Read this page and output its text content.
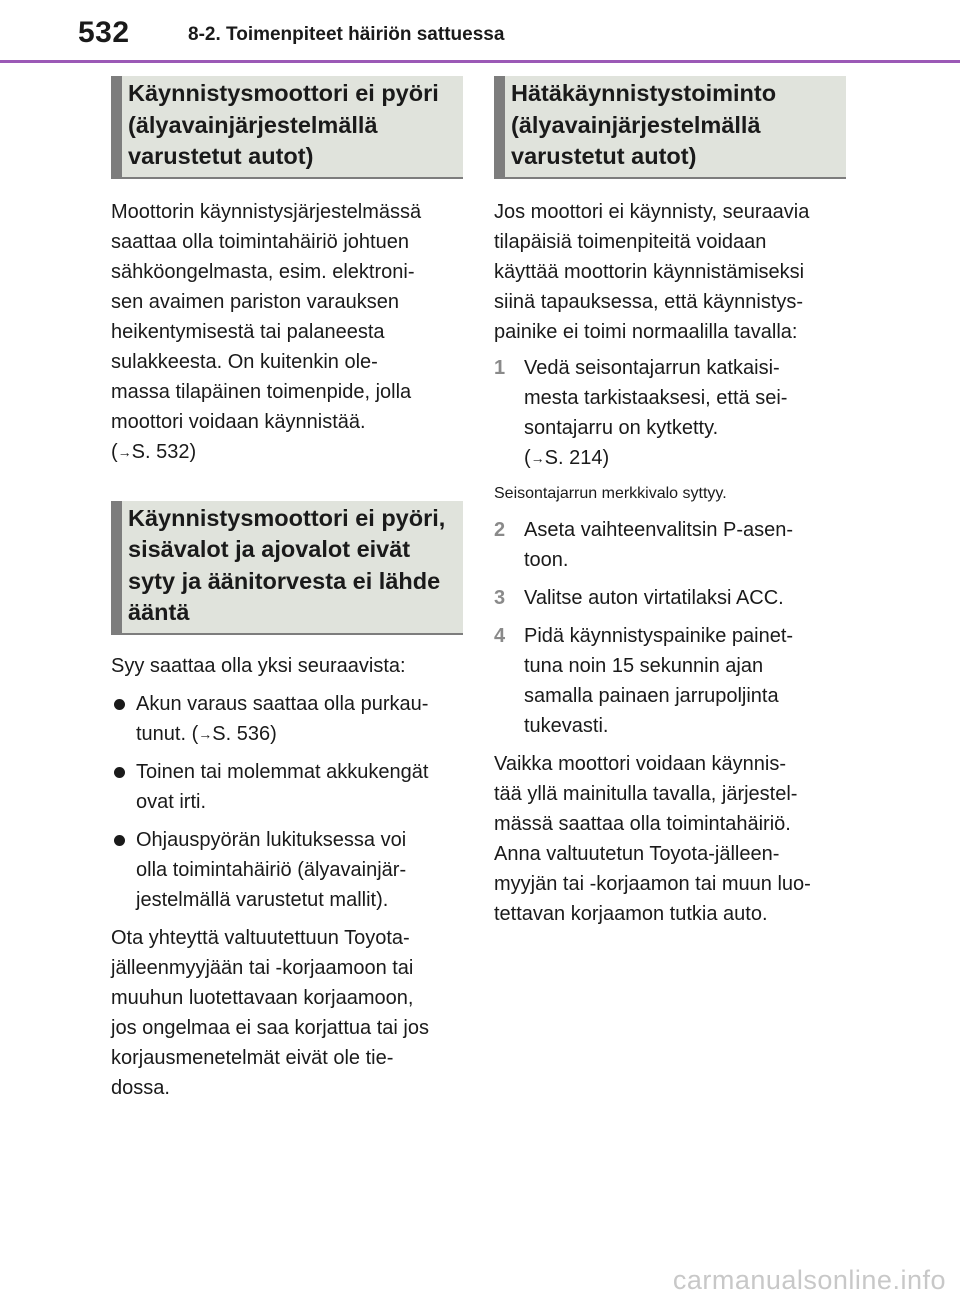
532	8-2. Toimenpiteet häiriön sattuessa
Käynnistysmoottori ei pyöri
(älyavainjärjestelmällä
varustetut autot)
Moottorin käynnistysjärjestelmässä
saattaa olla toimintahäiriö johtuen
sähköongelmasta, esim. elektroni-
sen avaimen pariston varauksen
heikentymisestä tai palaneesta
sulakkeesta. On kuitenkin ole-
massa tilapäinen toimenpide, jolla
moottori voidaan käynnistää.
(→S. 532)
Käynnistysmoottori ei pyöri,
sisävalot ja ajovalot eivät
syty ja äänitorvesta ei lähde
ääntä
Syy saattaa olla yksi seuraavista:
Akun varaus saattaa olla purkau-
tunut. (→S. 536)
Toinen tai molemmat akkukengät
ovat irti.
Ohjauspyörän lukituksessa voi
olla toimintahäiriö (älyavainjär-
jestelmällä varustetut mallit).
Ota yhteyttä valtuutettuun Toyota-
jälleenmyyjään tai -korjaamoon tai
muuhun luotettavaan korjaamoon,
jos ongelmaa ei saa korjattua tai jos
korjausmenetelmät eivät ole tie-
dossa.
Hätäkäynnistystoiminto
(älyavainjärjestelmällä
varustetut autot)
Jos moottori ei käynnisty, seuraavia
tilapäisiä toimenpiteitä voidaan
käyttää moottorin käynnistämiseksi
siinä tapauksessa, että käynnistys-
painike ei toimi normaalilla tavalla:
1 Vedä seisontajarrun katkaisi-
mesta tarkistaaksesi, että sei-
sontajarru on kytketty.
(→S. 214)
Seisontajarrun merkkivalo syttyy.
2 Aseta vaihteenvalitsin P-asen-
toon.
3 Valitse auton virtatilaksi ACC.
4 Pidä käynnistyspainike painet-
tuna noin 15 sekunnin ajan
samalla painaen jarrupoljinta
tukevasti.
Vaikka moottori voidaan käynnis-
tää yllä mainitulla tavalla, järjestel-
mässä saattaa olla toimintahäiriö.
Anna valtuutetun Toyota-jälleen-
myyjän tai -korjaamon tai muun luo-
tettavan korjaamon tutkia auto.
carmanualsonline.info
